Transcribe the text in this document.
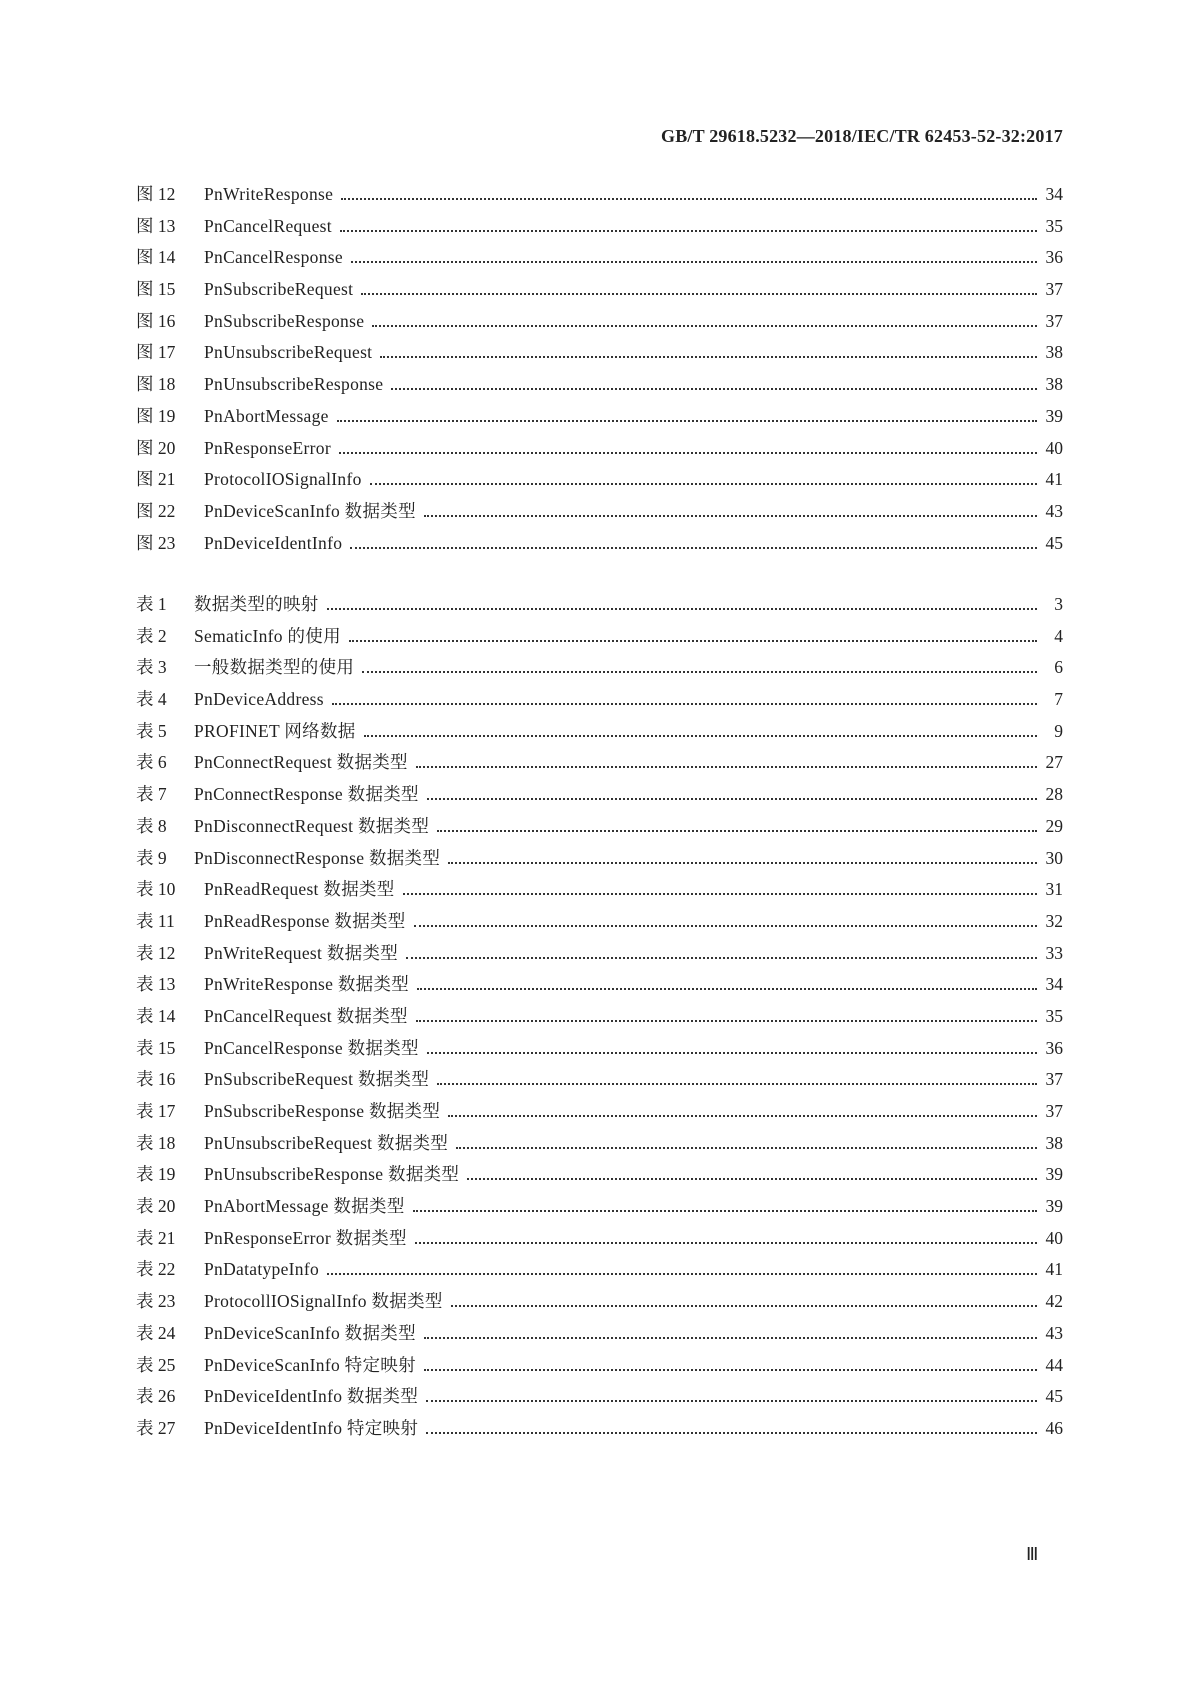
GB/T 29618.5232—2018/IEC/TR 62453-52-32:2017
图 12	PnWriteResponse	34
图 13	PnCancelRequest	35
图 14	PnCancelResponse	36
图 15	PnSubscribeRequest	37
图 16	PnSubscribeResponse	37
图 17	PnUnsubscribeRequest	38
图 18	PnUnsubscribeResponse	38
图 19	PnAbortMessage	39
图 20	PnResponseError	40
图 21	ProtocolIOSignalInfo	41
图 22	PnDeviceScanInfo 数据类型	43
图 23	PnDeviceIdentInfo	45
表 1	数据类型的映射	3
表 2	SematicInfo 的使用	4
表 3	一般数据类型的使用	6
表 4	PnDeviceAddress	7
表 5	PROFINET 网络数据	9
表 6	PnConnectRequest 数据类型	27
表 7	PnConnectResponse 数据类型	28
表 8	PnDisconnectRequest 数据类型	29
表 9	PnDisconnectResponse 数据类型	30
表 10	PnReadRequest 数据类型	31
表 11	PnReadResponse 数据类型	32
表 12	PnWriteRequest 数据类型	33
表 13	PnWriteResponse 数据类型	34
表 14	PnCancelRequest 数据类型	35
表 15	PnCancelResponse 数据类型	36
表 16	PnSubscribeRequest 数据类型	37
表 17	PnSubscribeResponse 数据类型	37
表 18	PnUnsubscribeRequest 数据类型	38
表 19	PnUnsubscribeResponse 数据类型	39
表 20	PnAbortMessage 数据类型	39
表 21	PnResponseError 数据类型	40
表 22	PnDatatypeInfo	41
表 23	ProtocollIOSignalInfo 数据类型	42
表 24	PnDeviceScanInfo 数据类型	43
表 25	PnDeviceScanInfo 特定映射	44
表 26	PnDeviceIdentInfo 数据类型	45
表 27	PnDeviceIdentInfo 特定映射	46
Ⅲ
